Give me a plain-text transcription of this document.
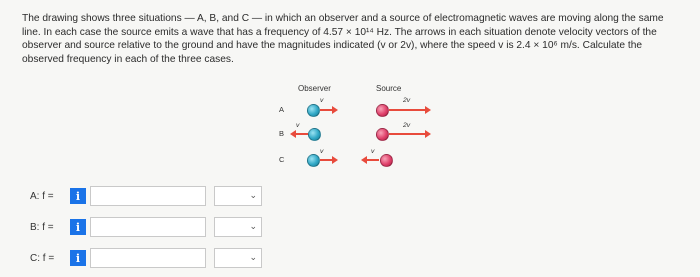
The drawing shows three situations — A, B, and C — in which an observer and a source of electromagnetic waves are moving along the same line. In each case the source emits a wave that has a frequency of 4.57 × 10¹⁴ Hz. The arrows in each situation denote velocity vectors of the observer and source relative to the ground and have the magnitudes indicated (v or 2v), where the speed v is 2.4 × 10⁶ m/s. Calculate the observed frequency in each of the three cases.
Observer	Source
A
v	2v
B
v	2v
C
v	v
A: f =	i	⌄
B: f =	i	⌄
C: f =	i	⌄
